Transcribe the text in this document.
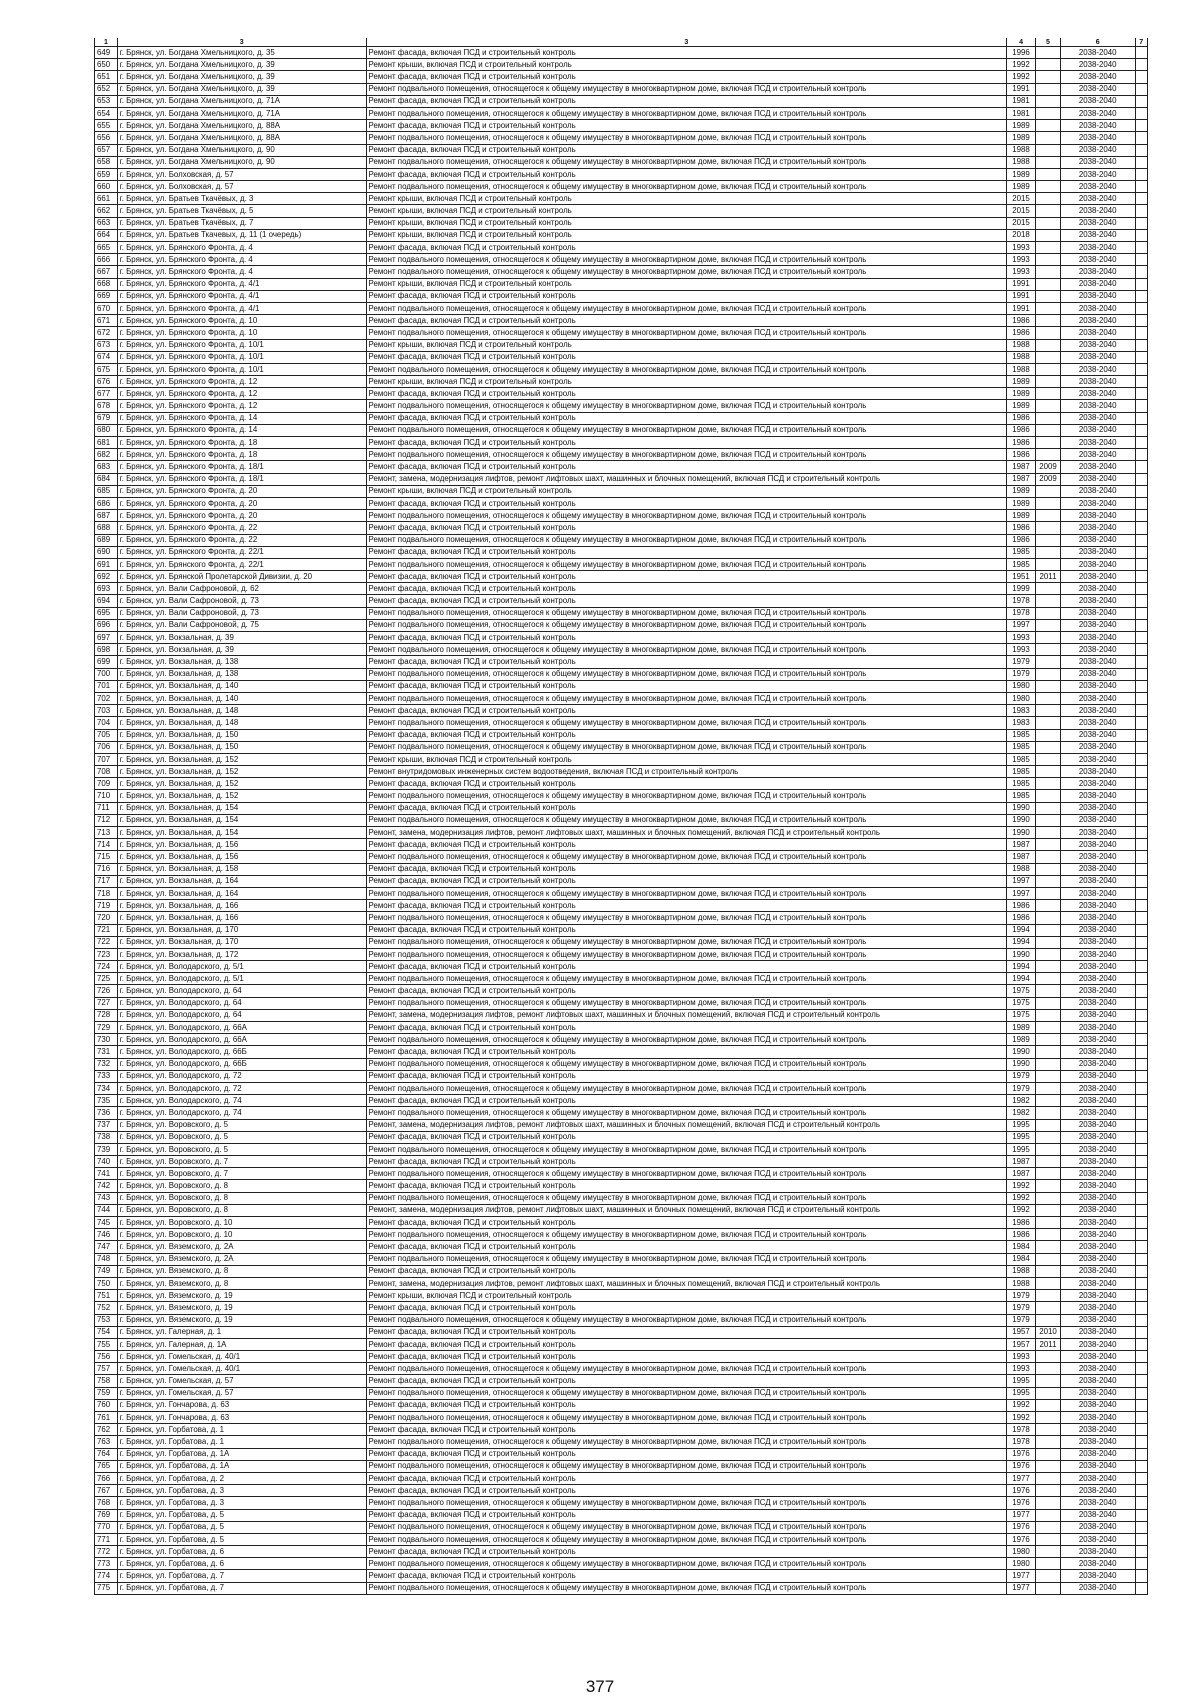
1	3	3	4	5	6	7
649	г. Брянск, ул. Богдана Хмельницкого, д. 35	Ремонт фасада, включая ПСД и строительный контроль	1996		2038-2040	
650	г. Брянск, ул. Богдана Хмельницкого, д. 39	Ремонт крыши, включая ПСД и строительный контроль	1992		2038-2040	
651	г. Брянск, ул. Богдана Хмельницкого, д. 39	Ремонт фасада, включая ПСД и строительный контроль	1992		2038-2040	
652	г. Брянск, ул. Богдана Хмельницкого, д. 39	Ремонт подвального помещения, относящегося к общему имуществу в многоквартирном доме, включая ПСД и строительный контроль	1991		2038-2040	
653	г. Брянск, ул. Богдана Хмельницкого, д. 71А	Ремонт фасада, включая ПСД и строительный контроль	1981		2038-2040	
654	г. Брянск, ул. Богдана Хмельницкого, д. 71А	Ремонт подвального помещения, относящегося к общему имуществу в многоквартирном доме, включая ПСД и строительный контроль	1981		2038-2040	
655	г. Брянск, ул. Богдана Хмельницкого, д. 88А	Ремонт фасада, включая ПСД и строительный контроль	1989		2038-2040	
656	г. Брянск, ул. Богдана Хмельницкого, д. 88А	Ремонт подвального помещения, относящегося к общему имуществу в многоквартирном доме, включая ПСД и строительный контроль	1989		2038-2040	
657	г. Брянск, ул. Богдана Хмельницкого, д. 90	Ремонт фасада, включая ПСД и строительный контроль	1988		2038-2040	
658	г. Брянск, ул. Богдана Хмельницкого, д. 90	Ремонт подвального помещения, относящегося к общему имуществу в многоквартирном доме, включая ПСД и строительный контроль	1988		2038-2040	
659	г. Брянск, ул. Болховская, д. 57	Ремонт фасада, включая ПСД и строительный контроль	1989		2038-2040	
660	г. Брянск, ул. Болховская, д. 57	Ремонт подвального помещения, относящегося к общему имуществу в многоквартирном доме, включая ПСД и строительный контроль	1989		2038-2040	
661	г. Брянск, ул. Братьев Ткачёвых, д. 3	Ремонт крыши, включая ПСД и строительный контроль	2015		2038-2040	
662	г. Брянск, ул. Братьев Ткачёвых, д. 5	Ремонт крыши, включая ПСД и строительный контроль	2015		2038-2040	
663	г. Брянск, ул. Братьев Ткачёвых, д. 7	Ремонт крыши, включая ПСД и строительный контроль	2015		2038-2040	
664	г. Брянск, ул. Братьев Ткачевых, д. 11 (1 очередь)	Ремонт крыши, включая ПСД и строительный контроль	2018		2038-2040	
665	г. Брянск, ул. Брянского Фронта, д. 4	Ремонт фасада, включая ПСД и строительный контроль	1993		2038-2040	
666	г. Брянск, ул. Брянского Фронта, д. 4	Ремонт подвального помещения, относящегося к общему имуществу в многоквартирном доме, включая ПСД и строительный контроль	1993		2038-2040	
667	г. Брянск, ул. Брянского Фронта, д. 4	Ремонт подвального помещения, относящегося к общему имуществу в многоквартирном доме, включая ПСД и строительный контроль	1993		2038-2040	
668	г. Брянск, ул. Брянского Фронта, д. 4/1	Ремонт крыши, включая ПСД и строительный контроль	1991		2038-2040	
669	г. Брянск, ул. Брянского Фронта, д. 4/1	Ремонт фасада, включая ПСД и строительный контроль	1991		2038-2040	
670	г. Брянск, ул. Брянского Фронта, д. 4/1	Ремонт подвального помещения, относящегося к общему имуществу в многоквартирном доме, включая ПСД и строительный контроль	1991		2038-2040	
671	г. Брянск, ул. Брянского Фронта, д. 10	Ремонт фасада, включая ПСД и строительный контроль	1986		2038-2040	
672	г. Брянск, ул. Брянского Фронта, д. 10	Ремонт подвального помещения, относящегося к общему имуществу в многоквартирном доме, включая ПСД и строительный контроль	1986		2038-2040	
673	г. Брянск, ул. Брянского Фронта, д. 10/1	Ремонт крыши, включая ПСД и строительный контроль	1988		2038-2040	
674	г. Брянск, ул. Брянского Фронта, д. 10/1	Ремонт фасада, включая ПСД и строительный контроль	1988		2038-2040	
675	г. Брянск, ул. Брянского Фронта, д. 10/1	Ремонт подвального помещения, относящегося к общему имуществу в многоквартирном доме, включая ПСД и строительный контроль	1988		2038-2040	
676	г. Брянск, ул. Брянского Фронта, д. 12	Ремонт крыши, включая ПСД и строительный контроль	1989		2038-2040	
677	г. Брянск, ул. Брянского Фронта, д. 12	Ремонт фасада, включая ПСД и строительный контроль	1989		2038-2040	
678	г. Брянск, ул. Брянского Фронта, д. 12	Ремонт подвального помещения, относящегося к общему имуществу в многоквартирном доме, включая ПСД и строительный контроль	1989		2038-2040	
679	г. Брянск, ул. Брянского Фронта, д. 14	Ремонт фасада, включая ПСД и строительный контроль	1986		2038-2040	
680	г. Брянск, ул. Брянского Фронта, д. 14	Ремонт подвального помещения, относящегося к общему имуществу в многоквартирном доме, включая ПСД и строительный контроль	1986		2038-2040	
681	г. Брянск, ул. Брянского Фронта, д. 18	Ремонт фасада, включая ПСД и строительный контроль	1986		2038-2040	
682	г. Брянск, ул. Брянского Фронта, д. 18	Ремонт подвального помещения, относящегося к общему имуществу в многоквартирном доме, включая ПСД и строительный контроль	1986		2038-2040	
683	г. Брянск, ул. Брянского Фронта, д. 18/1	Ремонт фасада, включая ПСД и строительный контроль	1987	2009	2038-2040	
684	г. Брянск, ул. Брянского Фронта, д. 18/1	Ремонт, замена, модернизация лифтов, ремонт лифтовых шахт, машинных и блочных помещений, включая ПСД и строительный контроль	1987	2009	2038-2040	
685	г. Брянск, ул. Брянского Фронта, д. 20	Ремонт крыши, включая ПСД и строительный контроль	1989		2038-2040	
686	г. Брянск, ул. Брянского Фронта, д. 20	Ремонт фасада, включая ПСД и строительный контроль	1989		2038-2040	
687	г. Брянск, ул. Брянского Фронта, д. 20	Ремонт подвального помещения, относящегося к общему имуществу в многоквартирном доме, включая ПСД и строительный контроль	1989		2038-2040	
688	г. Брянск, ул. Брянского Фронта, д. 22	Ремонт фасада, включая ПСД и строительный контроль	1986		2038-2040	
689	г. Брянск, ул. Брянского Фронта, д. 22	Ремонт подвального помещения, относящегося к общему имуществу в многоквартирном доме, включая ПСД и строительный контроль	1986		2038-2040	
690	г. Брянск, ул. Брянского Фронта, д. 22/1	Ремонт фасада, включая ПСД и строительный контроль	1985		2038-2040	
691	г. Брянск, ул. Брянского Фронта, д. 22/1	Ремонт подвального помещения, относящегося к общему имуществу в многоквартирном доме, включая ПСД и строительный контроль	1985		2038-2040	
692	г. Брянск, ул. Брянской Пролетарской Дивизии, д. 20	Ремонт фасада, включая ПСД и строительный контроль	1951	2011	2038-2040	
693	г. Брянск, ул. Вали Сафроновой, д. 62	Ремонт фасада, включая ПСД и строительный контроль	1999		2038-2040	
694	г. Брянск, ул. Вали Сафроновой, д. 73	Ремонт фасада, включая ПСД и строительный контроль	1978		2038-2040	
695	г. Брянск, ул. Вали Сафроновой, д. 73	Ремонт подвального помещения, относящегося к общему имуществу в многоквартирном доме, включая ПСД и строительный контроль	1978		2038-2040	
696	г. Брянск, ул. Вали Сафроновой, д. 75	Ремонт подвального помещения, относящегося к общему имуществу в многоквартирном доме, включая ПСД и строительный контроль	1997		2038-2040	
697	г. Брянск, ул. Вокзальная, д. 39	Ремонт фасада, включая ПСД и строительный контроль	1993		2038-2040	
698	г. Брянск, ул. Вокзальная, д. 39	Ремонт подвального помещения, относящегося к общему имуществу в многоквартирном доме, включая ПСД и строительный контроль	1993		2038-2040	
699	г. Брянск, ул. Вокзальная, д. 138	Ремонт фасада, включая ПСД и строительный контроль	1979		2038-2040	
700	г. Брянск, ул. Вокзальная, д. 138	Ремонт подвального помещения, относящегося к общему имуществу в многоквартирном доме, включая ПСД и строительный контроль	1979		2038-2040	
701	г. Брянск, ул. Вокзальная, д. 140	Ремонт фасада, включая ПСД и строительный контроль	1980		2038-2040	
702	г. Брянск, ул. Вокзальная, д. 140	Ремонт подвального помещения, относящегося к общему имуществу в многоквартирном доме, включая ПСД и строительный контроль	1980		2038-2040	
703	г. Брянск, ул. Вокзальная, д. 148	Ремонт фасада, включая ПСД и строительный контроль	1983		2038-2040	
704	г. Брянск, ул. Вокзальная, д. 148	Ремонт подвального помещения, относящегося к общему имуществу в многоквартирном доме, включая ПСД и строительный контроль	1983		2038-2040	
705	г. Брянск, ул. Вокзальная, д. 150	Ремонт фасада, включая ПСД и строительный контроль	1985		2038-2040	
706	г. Брянск, ул. Вокзальная, д. 150	Ремонт подвального помещения, относящегося к общему имуществу в многоквартирном доме, включая ПСД и строительный контроль	1985		2038-2040	
707	г. Брянск, ул. Вокзальная, д. 152	Ремонт крыши, включая ПСД и строительный контроль	1985		2038-2040	
708	г. Брянск, ул. Вокзальная, д. 152	Ремонт внутридомовых инженерных систем водоотведения, включая ПСД и строительный контроль	1985		2038-2040	
709	г. Брянск, ул. Вокзальная, д. 152	Ремонт фасада, включая ПСД и строительный контроль	1985		2038-2040	
710	г. Брянск, ул. Вокзальная, д. 152	Ремонт подвального помещения, относящегося к общему имуществу в многоквартирном доме, включая ПСД и строительный контроль	1985		2038-2040	
711	г. Брянск, ул. Вокзальная, д. 154	Ремонт фасада, включая ПСД и строительный контроль	1990		2038-2040	
712	г. Брянск, ул. Вокзальная, д. 154	Ремонт подвального помещения, относящегося к общему имуществу в многоквартирном доме, включая ПСД и строительный контроль	1990		2038-2040	
713	г. Брянск, ул. Вокзальная, д. 154	Ремонт, замена, модернизация лифтов, ремонт лифтовых шахт, машинных и блочных помещений, включая ПСД и строительный контроль	1990		2038-2040	
714	г. Брянск, ул. Вокзальная, д. 156	Ремонт фасада, включая ПСД и строительный контроль	1987		2038-2040	
715	г. Брянск, ул. Вокзальная, д. 156	Ремонт подвального помещения, относящегося к общему имуществу в многоквартирном доме, включая ПСД и строительный контроль	1987		2038-2040	
716	г. Брянск, ул. Вокзальная, д. 158	Ремонт фасада, включая ПСД и строительный контроль	1988		2038-2040	
717	г. Брянск, ул. Вокзальная, д. 164	Ремонт фасада, включая ПСД и строительный контроль	1997		2038-2040	
718	г. Брянск, ул. Вокзальная, д. 164	Ремонт подвального помещения, относящегося к общему имуществу в многоквартирном доме, включая ПСД и строительный контроль	1997		2038-2040	
719	г. Брянск, ул. Вокзальная, д. 166	Ремонт фасада, включая ПСД и строительный контроль	1986		2038-2040	
720	г. Брянск, ул. Вокзальная, д. 166	Ремонт подвального помещения, относящегося к общему имуществу в многоквартирном доме, включая ПСД и строительный контроль	1986		2038-2040	
721	г. Брянск, ул. Вокзальная, д. 170	Ремонт фасада, включая ПСД и строительный контроль	1994		2038-2040	
722	г. Брянск, ул. Вокзальная, д. 170	Ремонт подвального помещения, относящегося к общему имуществу в многоквартирном доме, включая ПСД и строительный контроль	1994		2038-2040	
723	г. Брянск, ул. Вокзальная, д. 172	Ремонт подвального помещения, относящегося к общему имуществу в многоквартирном доме, включая ПСД и строительный контроль	1990		2038-2040	
724	г. Брянск, ул. Володарского, д. 5/1	Ремонт фасада, включая ПСД и строительный контроль	1994		2038-2040	
725	г. Брянск, ул. Володарского, д. 5/1	Ремонт подвального помещения, относящегося к общему имуществу в многоквартирном доме, включая ПСД и строительный контроль	1994		2038-2040	
726	г. Брянск, ул. Володарского, д. 64	Ремонт фасада, включая ПСД и строительный контроль	1975		2038-2040	
727	г. Брянск, ул. Володарского, д. 64	Ремонт подвального помещения, относящегося к общему имуществу в многоквартирном доме, включая ПСД и строительный контроль	1975		2038-2040	
728	г. Брянск, ул. Володарского, д. 64	Ремонт, замена, модернизация лифтов, ремонт лифтовых шахт, машинных и блочных помещений, включая ПСД и строительный контроль	1975		2038-2040	
729	г. Брянск, ул. Володарского, д. 66А	Ремонт фасада, включая ПСД и строительный контроль	1989		2038-2040	
730	г. Брянск, ул. Володарского, д. 66А	Ремонт подвального помещения, относящегося к общему имуществу в многоквартирном доме, включая ПСД и строительный контроль	1989		2038-2040	
731	г. Брянск, ул. Володарского, д. 66Б	Ремонт фасада, включая ПСД и строительный контроль	1990		2038-2040	
732	г. Брянск, ул. Володарского, д. 66Б	Ремонт подвального помещения, относящегося к общему имуществу в многоквартирном доме, включая ПСД и строительный контроль	1990		2038-2040	
733	г. Брянск, ул. Володарского, д. 72	Ремонт фасада, включая ПСД и строительный контроль	1979		2038-2040	
734	г. Брянск, ул. Володарского, д. 72	Ремонт подвального помещения, относящегося к общему имуществу в многоквартирном доме, включая ПСД и строительный контроль	1979		2038-2040	
735	г. Брянск, ул. Володарского, д. 74	Ремонт фасада, включая ПСД и строительный контроль	1982		2038-2040	
736	г. Брянск, ул. Володарского, д. 74	Ремонт подвального помещения, относящегося к общему имуществу в многоквартирном доме, включая ПСД и строительный контроль	1982		2038-2040	
737	г. Брянск, ул. Воровского, д. 5	Ремонт, замена, модернизация лифтов, ремонт лифтовых шахт, машинных и блочных помещений, включая ПСД и строительный контроль	1995		2038-2040	
738	г. Брянск, ул. Воровского, д. 5	Ремонт фасада, включая ПСД и строительный контроль	1995		2038-2040	
739	г. Брянск, ул. Воровского, д. 5	Ремонт подвального помещения, относящегося к общему имуществу в многоквартирном доме, включая ПСД и строительный контроль	1995		2038-2040	
740	г. Брянск, ул. Воровского, д. 7	Ремонт фасада, включая ПСД и строительный контроль	1987		2038-2040	
741	г. Брянск, ул. Воровского, д. 7	Ремонт подвального помещения, относящегося к общему имуществу в многоквартирном доме, включая ПСД и строительный контроль	1987		2038-2040	
742	г. Брянск, ул. Воровского, д. 8	Ремонт фасада, включая ПСД и строительный контроль	1992		2038-2040	
743	г. Брянск, ул. Воровского, д. 8	Ремонт подвального помещения, относящегося к общему имуществу в многоквартирном доме, включая ПСД и строительный контроль	1992		2038-2040	
744	г. Брянск, ул. Воровского, д. 8	Ремонт, замена, модернизация лифтов, ремонт лифтовых шахт, машинных и блочных помещений, включая ПСД и строительный контроль	1992		2038-2040	
745	г. Брянск, ул. Воровского, д. 10	Ремонт фасада, включая ПСД и строительный контроль	1986		2038-2040	
746	г. Брянск, ул. Воровского, д. 10	Ремонт подвального помещения, относящегося к общему имуществу в многоквартирном доме, включая ПСД и строительный контроль	1986		2038-2040	
747	г. Брянск, ул. Вяземского, д. 2А	Ремонт фасада, включая ПСД и строительный контроль	1984		2038-2040	
748	г. Брянск, ул. Вяземского, д. 2А	Ремонт подвального помещения, относящегося к общему имуществу в многоквартирном доме, включая ПСД и строительный контроль	1984		2038-2040	
749	г. Брянск, ул. Вяземского, д. 8	Ремонт фасада, включая ПСД и строительный контроль	1988		2038-2040	
750	г. Брянск, ул. Вяземского, д. 8	Ремонт, замена, модернизация лифтов, ремонт лифтовых шахт, машинных и блочных помещений, включая ПСД и строительный контроль	1988		2038-2040	
751	г. Брянск, ул. Вяземского, д. 19	Ремонт крыши, включая ПСД и строительный контроль	1979		2038-2040	
752	г. Брянск, ул. Вяземского, д. 19	Ремонт фасада, включая ПСД и строительный контроль	1979		2038-2040	
753	г. Брянск, ул. Вяземского, д. 19	Ремонт подвального помещения, относящегося к общему имуществу в многоквартирном доме, включая ПСД и строительный контроль	1979		2038-2040	
754	г. Брянск, ул. Галерная, д. 1	Ремонт фасада, включая ПСД и строительный контроль	1957	2010	2038-2040	
755	г. Брянск, ул. Галерная, д. 1А	Ремонт фасада, включая ПСД и строительный контроль	1957	2011	2038-2040	
756	г. Брянск, ул. Гомельская, д. 40/1	Ремонт фасада, включая ПСД и строительный контроль	1993		2038-2040	
757	г. Брянск, ул. Гомельская, д. 40/1	Ремонт подвального помещения, относящегося к общему имуществу в многоквартирном доме, включая ПСД и строительный контроль	1993		2038-2040	
758	г. Брянск, ул. Гомельская, д. 57	Ремонт фасада, включая ПСД и строительный контроль	1995		2038-2040	
759	г. Брянск, ул. Гомельская, д. 57	Ремонт подвального помещения, относящегося к общему имуществу в многоквартирном доме, включая ПСД и строительный контроль	1995		2038-2040	
760	г. Брянск, ул. Гончарова, д. 63	Ремонт фасада, включая ПСД и строительный контроль	1992		2038-2040	
761	г. Брянск, ул. Гончарова, д. 63	Ремонт подвального помещения, относящегося к общему имуществу в многоквартирном доме, включая ПСД и строительный контроль	1992		2038-2040	
762	г. Брянск, ул. Горбатова, д. 1	Ремонт фасада, включая ПСД и строительный контроль	1978		2038-2040	
763	г. Брянск, ул. Горбатова, д. 1	Ремонт подвального помещения, относящегося к общему имуществу в многоквартирном доме, включая ПСД и строительный контроль	1978		2038-2040	
764	г. Брянск, ул. Горбатова, д. 1А	Ремонт фасада, включая ПСД и строительный контроль	1976		2038-2040	
765	г. Брянск, ул. Горбатова, д. 1А	Ремонт подвального помещения, относящегося к общему имуществу в многоквартирном доме, включая ПСД и строительный контроль	1976		2038-2040	
766	г. Брянск, ул. Горбатова, д. 2	Ремонт фасада, включая ПСД и строительный контроль	1977		2038-2040	
767	г. Брянск, ул. Горбатова, д. 3	Ремонт фасада, включая ПСД и строительный контроль	1976		2038-2040	
768	г. Брянск, ул. Горбатова, д. 3	Ремонт подвального помещения, относящегося к общему имуществу в многоквартирном доме, включая ПСД и строительный контроль	1976		2038-2040	
769	г. Брянск, ул. Горбатова, д. 5	Ремонт фасада, включая ПСД и строительный контроль	1977		2038-2040	
770	г. Брянск, ул. Горбатова, д. 5	Ремонт подвального помещения, относящегося к общему имуществу в многоквартирном доме, включая ПСД и строительный контроль	1976		2038-2040	
771	г. Брянск, ул. Горбатова, д. 5	Ремонт подвального помещения, относящегося к общему имуществу в многоквартирном доме, включая ПСД и строительный контроль	1976		2038-2040	
772	г. Брянск, ул. Горбатова, д. 6	Ремонт фасада, включая ПСД и строительный контроль	1980		2038-2040	
773	г. Брянск, ул. Горбатова, д. 6	Ремонт подвального помещения, относящегося к общему имуществу в многоквартирном доме, включая ПСД и строительный контроль	1980		2038-2040	
774	г. Брянск, ул. Горбатова, д. 7	Ремонт фасада, включая ПСД и строительный контроль	1977		2038-2040	
775	г. Брянск, ул. Горбатова, д. 7	Ремонт подвального помещения, относящегося к общему имуществу в многоквартирном доме, включая ПСД и строительный контроль	1977		2038-2040	
377
